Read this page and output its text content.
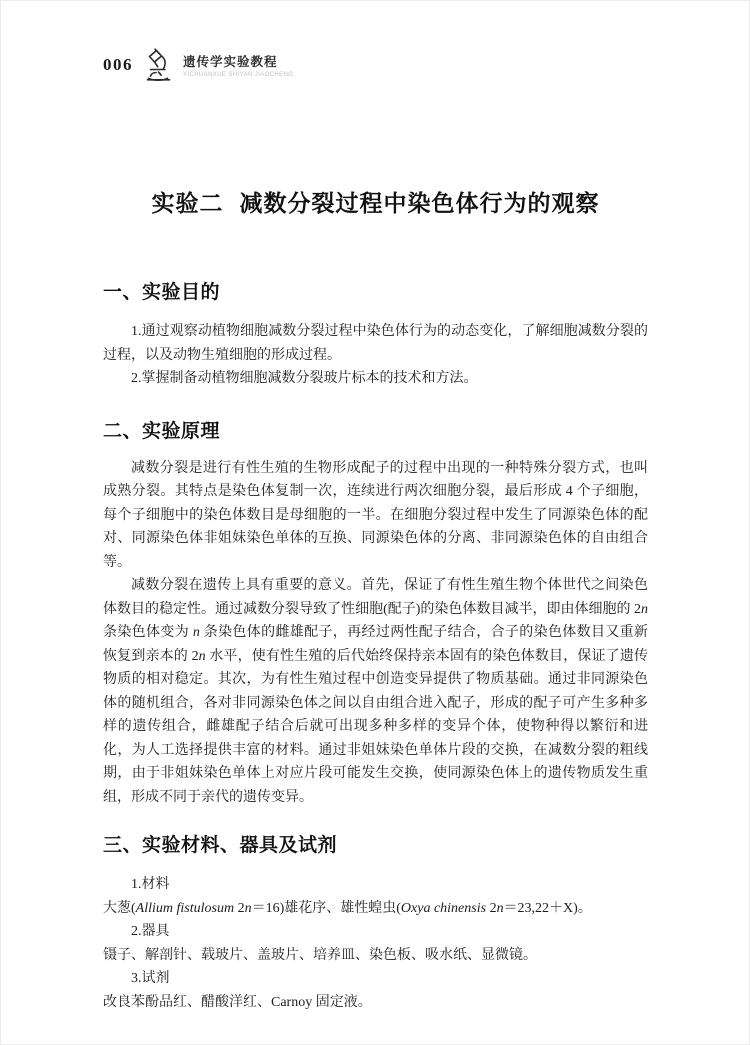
006	遗传学实验教程
YICHUANXUE SHIYAN JIAOCHENG
实验二 减数分裂过程中染色体行为的观察
一、实验目的

1.通过观察动植物细胞减数分裂过程中染色体行为的动态变化，了解细胞减数分裂的过程，以及动物生殖细胞的形成过程。

2.掌握制备动植物细胞减数分裂玻片标本的技术和方法。

二、实验原理

减数分裂是进行有性生殖的生物形成配子的过程中出现的一种特殊分裂方式，也叫成熟分裂。其特点是染色体复制一次，连续进行两次细胞分裂，最后形成 4 个子细胞，每个子细胞中的染色体数目是母细胞的一半。在细胞分裂过程中发生了同源染色体的配对、同源染色体非姐妹染色单体的互换、同源染色体的分离、非同源染色体的自由组合等。

减数分裂在遗传上具有重要的意义。首先，保证了有性生殖生物个体世代之间染色体数目的稳定性。通过减数分裂导致了性细胞(配子)的染色体数目减半，即由体细胞的 2n 条染色体变为 n 条染色体的雌雄配子，再经过两性配子结合，合子的染色体数目又重新恢复到亲本的 2n 水平，使有性生殖的后代始终保持亲本固有的染色体数目，保证了遗传物质的相对稳定。其次，为有性生殖过程中创造变异提供了物质基础。通过非同源染色体的随机组合，各对非同源染色体之间以自由组合进入配子，形成的配子可产生多种多样的遗传组合，雌雄配子结合后就可出现多种多样的变异个体，使物种得以繁衍和进化，为人工选择提供丰富的材料。通过非姐妹染色单体片段的交换，在减数分裂的粗线期，由于非姐妹染色单体上对应片段可能发生交换，使同源染色体上的遗传物质发生重组，形成不同于亲代的遗传变异。

三、实验材料、器具及试剂

1.材料

大葱(Allium fistulosum 2n＝16)雄花序、雄性蝗虫(Oxya chinensis 2n＝23,22＋X)。

2.器具

镊子、解剖针、载玻片、盖玻片、培养皿、染色板、吸水纸、显微镜。

3.试剂

改良苯酚品红、醋酸洋红、Carnoy 固定液。
